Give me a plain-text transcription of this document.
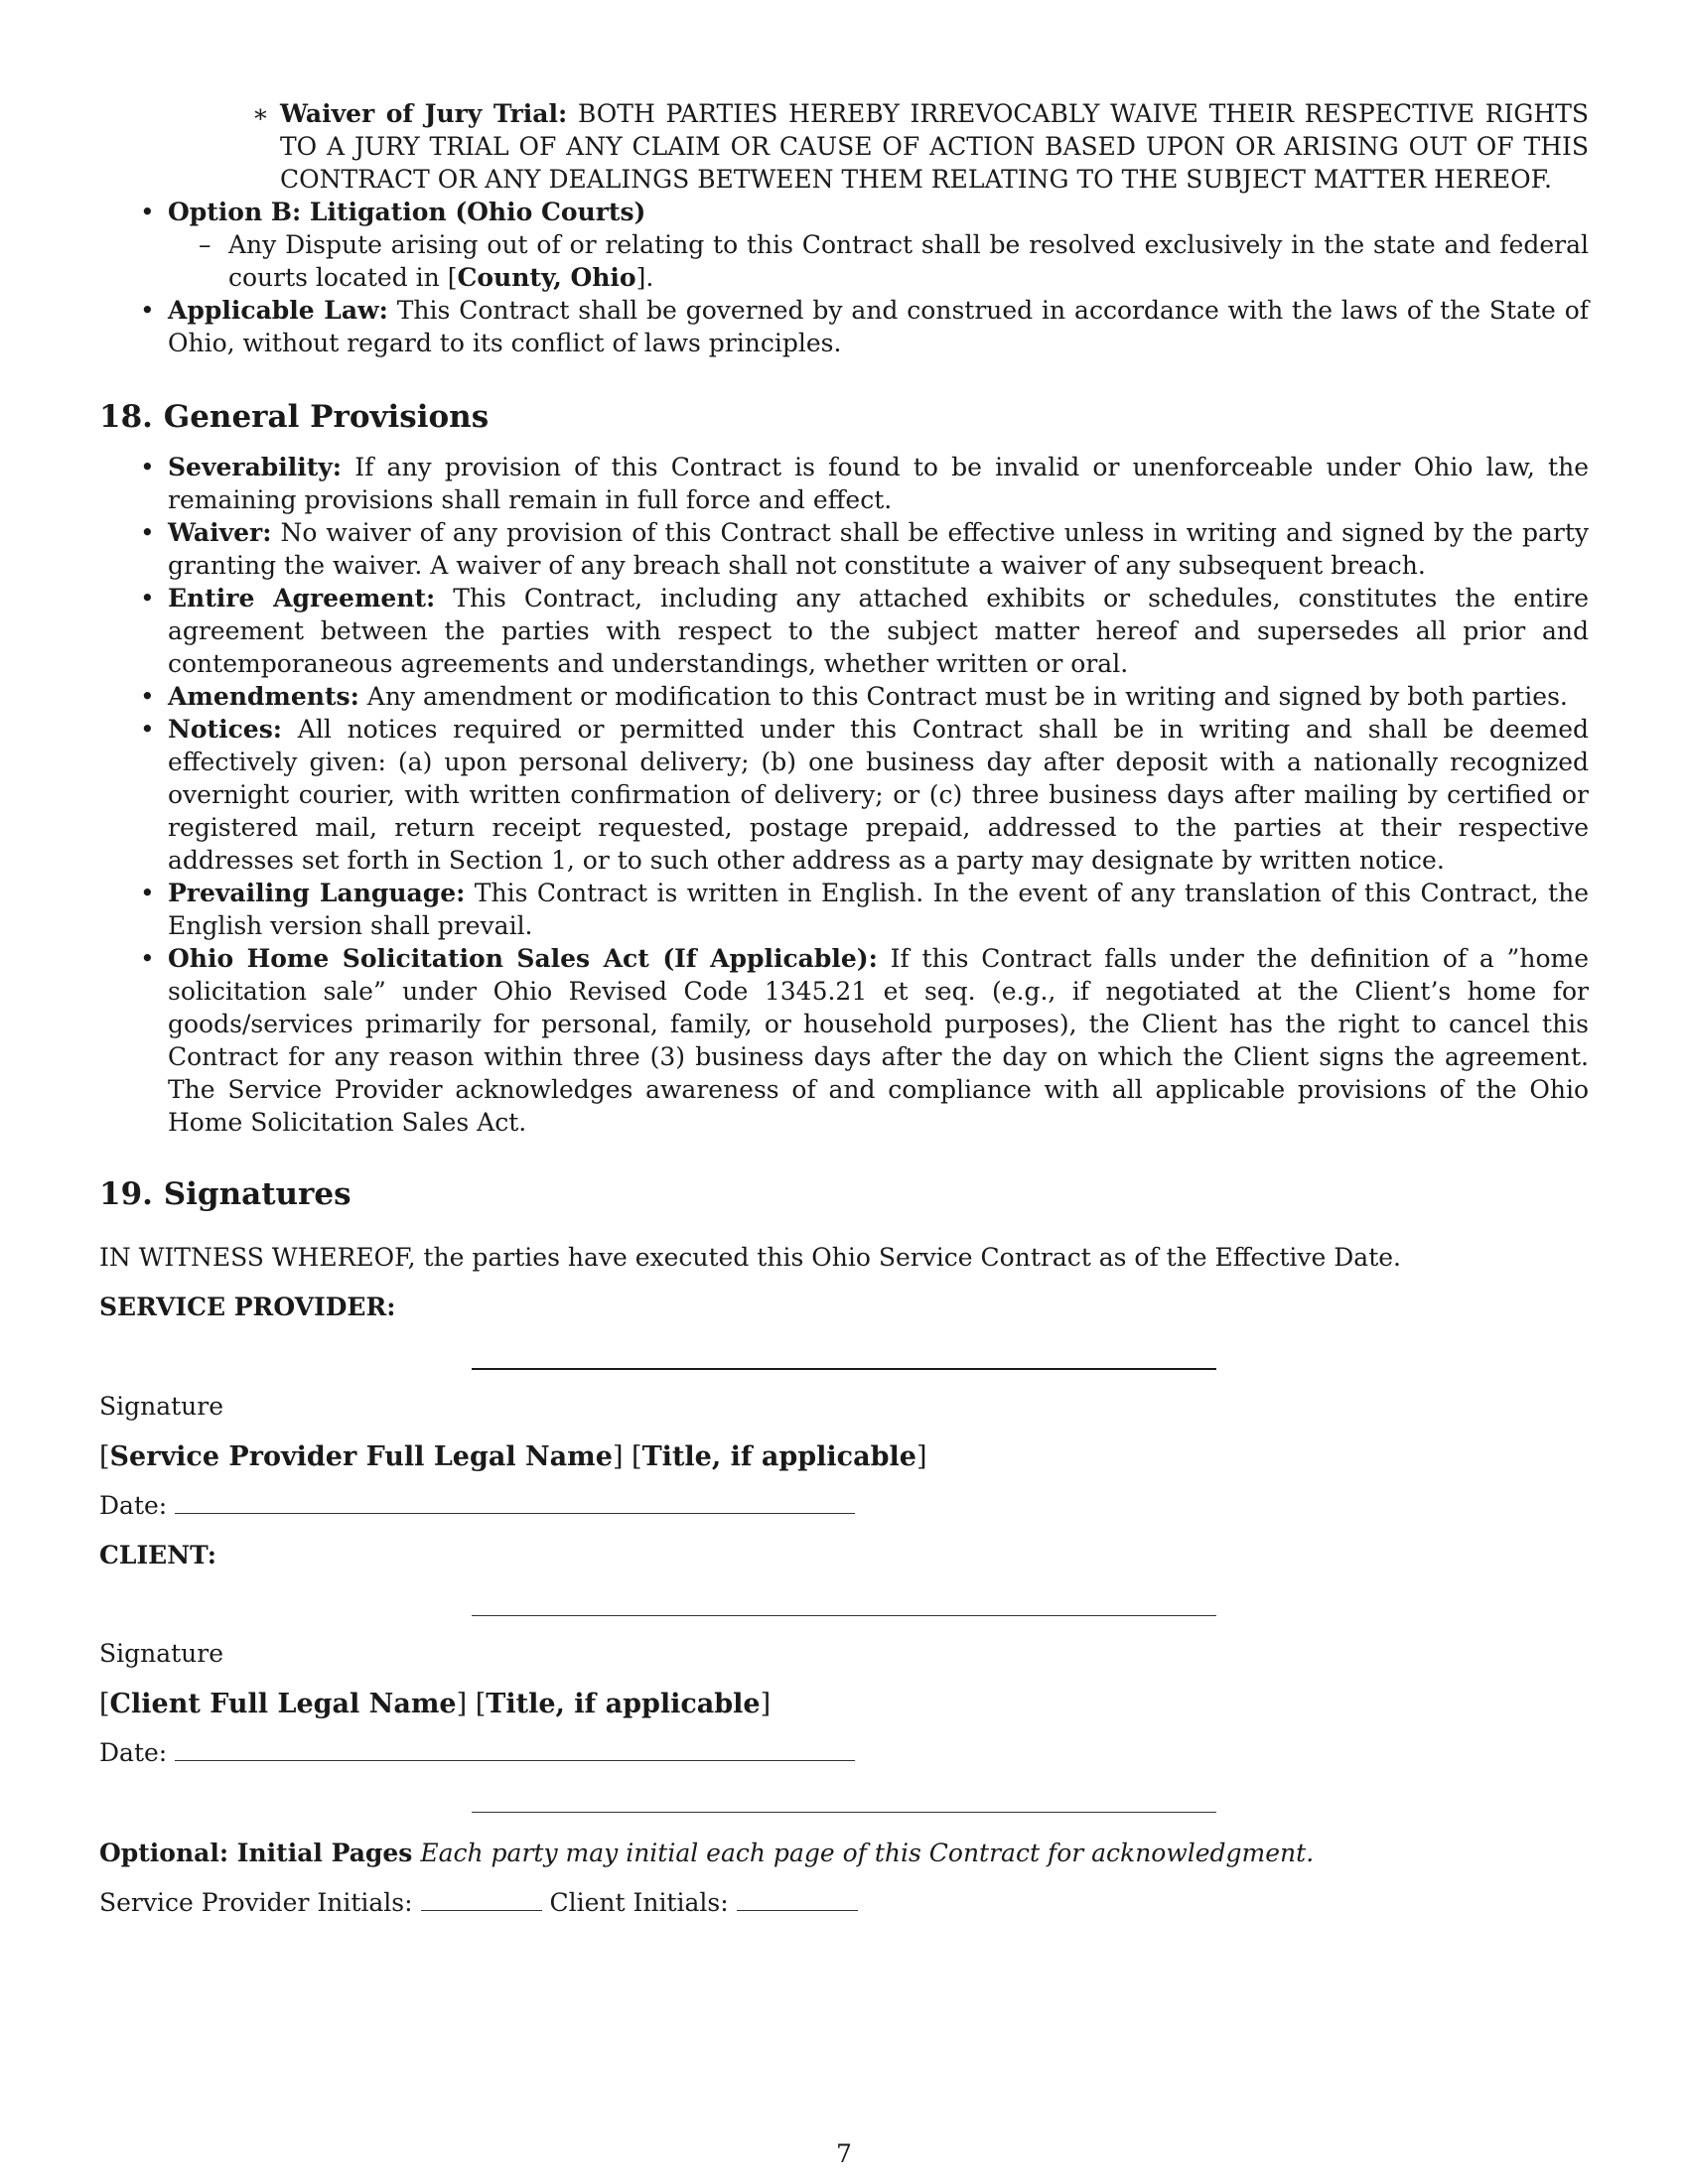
∗ Waiver of Jury Trial: BOTH PARTIES HEREBY IRREVOCABLY WAIVE THEIR RESPECTIVE RIGHTS TO A JURY TRIAL OF ANY CLAIM OR CAUSE OF ACTION BASED UPON OR ARISING OUT OF THIS CONTRACT OR ANY DEALINGS BETWEEN THEM RELATING TO THE SUBJECT MATTER HEREOF.
• Option B: Litigation (Ohio Courts)
– Any Dispute arising out of or relating to this Contract shall be resolved exclusively in the state and federal courts located in [County, Ohio].
• Applicable Law: This Contract shall be governed by and construed in accordance with the laws of the State of Ohio, without regard to its conflict of laws principles.
18. General Provisions
• Severability: If any provision of this Contract is found to be invalid or unenforceable under Ohio law, the remaining provisions shall remain in full force and effect.
• Waiver: No waiver of any provision of this Contract shall be effective unless in writing and signed by the party granting the waiver. A waiver of any breach shall not constitute a waiver of any subsequent breach.
• Entire Agreement: This Contract, including any attached exhibits or schedules, constitutes the entire agreement between the parties with respect to the subject matter hereof and supersedes all prior and contemporaneous agreements and understandings, whether written or oral.
• Amendments: Any amendment or modification to this Contract must be in writing and signed by both parties.
• Notices: All notices required or permitted under this Contract shall be in writing and shall be deemed effectively given: (a) upon personal delivery; (b) one business day after deposit with a nationally recognized overnight courier, with written confirmation of delivery; or (c) three business days after mailing by certified or registered mail, return receipt requested, postage prepaid, addressed to the parties at their respective addresses set forth in Section 1, or to such other address as a party may designate by written notice.
• Prevailing Language: This Contract is written in English. In the event of any translation of this Contract, the English version shall prevail.
• Ohio Home Solicitation Sales Act (If Applicable): If this Contract falls under the definition of a ”home solicitation sale” under Ohio Revised Code 1345.21 et seq. (e.g., if negotiated at the Client’s home for goods/services primarily for personal, family, or household purposes), the Client has the right to cancel this Contract for any reason within three (3) business days after the day on which the Client signs the agreement. The Service Provider acknowledges awareness of and compliance with all applicable provisions of the Ohio Home Solicitation Sales Act.
19. Signatures
IN WITNESS WHEREOF, the parties have executed this Ohio Service Contract as of the Effective Date.
SERVICE PROVIDER:
Signature
[Service Provider Full Legal Name] [Title, if applicable]
Date:
CLIENT:
Signature
[Client Full Legal Name] [Title, if applicable]
Date:
Optional: Initial Pages Each party may initial each page of this Contract for acknowledgment.
Service Provider Initials:	Client Initials:
7
